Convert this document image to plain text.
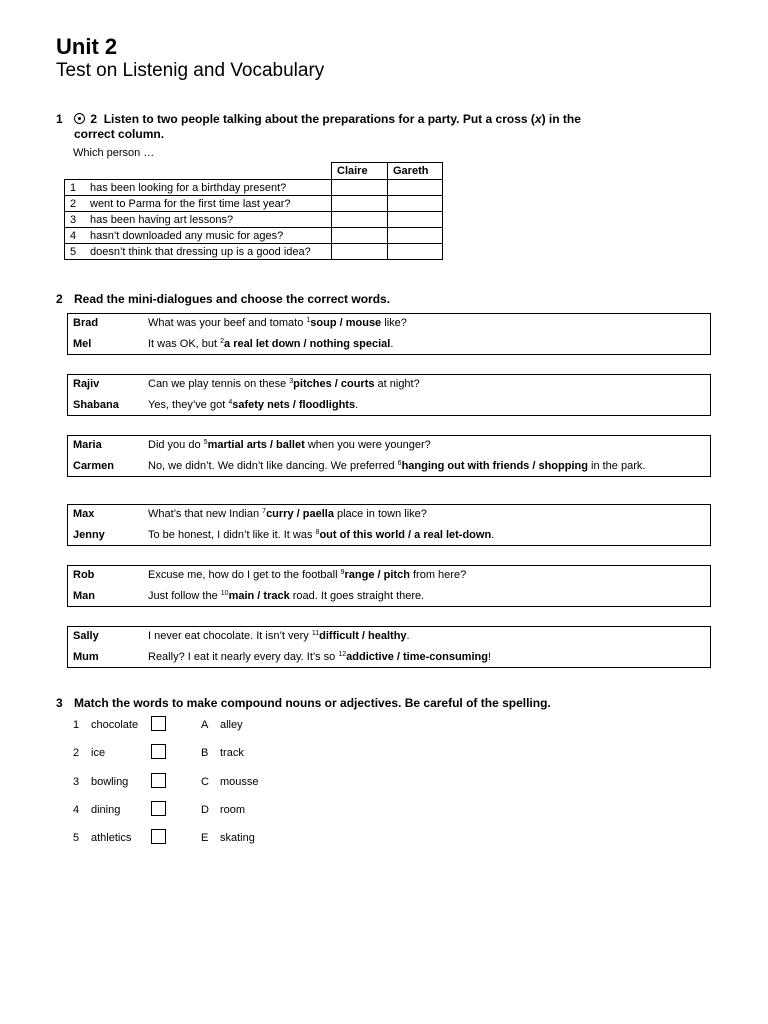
Unit 2
Test on Listenig and Vocabulary
1	2 Listen to two people talking about the preparations for a party. Put a cross (x) in the
correct column.
Which person …
		Claire	Gareth
1	has been looking for a birthday present?		
2	went to Parma for the first time last year?		
3	has been having art lessons?		
4	hasn’t downloaded any music for ages?		
5	doesn’t think that dressing up is a good idea?		
2 Read the mini-dialogues and choose the correct words.
Brad	What was your beef and tomato $^1$soup / mouse like?
Mel	It was OK, but $^2$a real let down / nothing special.
Rajiv	Can we play tennis on these $^3$pitches / courts at night?
Shabana	Yes, they’ve got $^4$safety nets / floodlights.
Maria	Did you do $^5$martial arts / ballet when you were younger?
Carmen	No, we didn’t. We didn’t like dancing. We preferred $^6$hanging out with friends / shopping in the park.
Max	What’s that new Indian $^7$curry / paella place in town like?
Jenny	To be honest, I didn’t like it. It was $^8$out of this world / a real let-down.
Rob	Excuse me, how do I get to the football $^9$range / pitch from here?
Man	Just follow the $^{10}$main / track road. It goes straight there.
Sally	I never eat chocolate. It isn’t very $^{11}$difficult / healthy.
Mum	Really? I eat it nearly every day. It’s so $^{12}$addictive / time-consuming!
3 Match the words to make compound nouns or adjectives. Be careful of the spelling.
1 chocolate	A alley
2 ice	B track
3 bowling	C mousse
4 dining	D room
5 athletics	E skating
